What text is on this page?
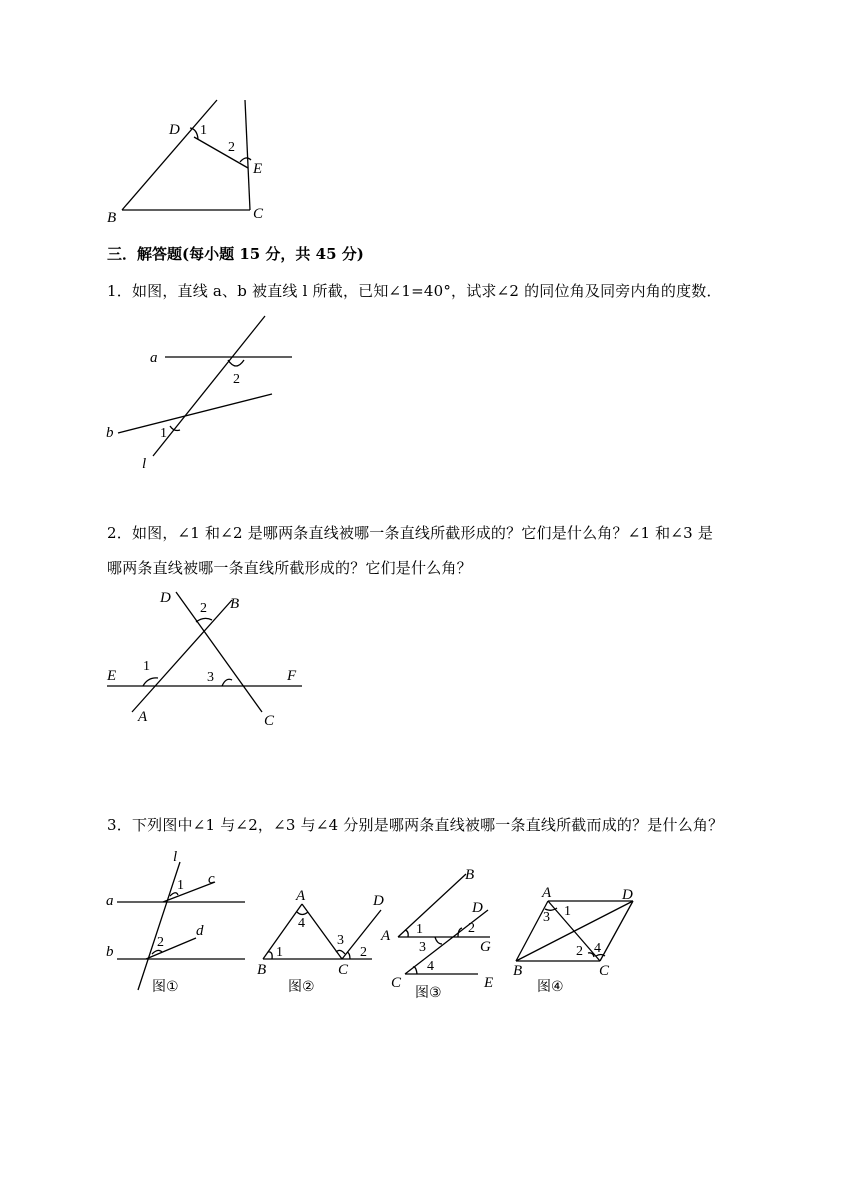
D 1
2
E
B	C
三．解答题(每小题 15 分，共 45 分)
1．如图，直线 a、b 被直线 l 所截，已知∠1=40°，试求∠2 的同位角及同旁内角的度数．
a
2
b	1
l
2．如图，∠1 和∠2 是哪两条直线被哪一条直线所截形成的？它们是什么角？∠1 和∠3 是
哪两条直线被哪一条直线所截形成的？它们是什么角？
D
2 B
E
1
3	F
A	C
3．下列图中∠1 与∠2，∠3 与∠4 分别是哪两条直线被哪一条直线所截而成的？是什么角？
l
1 c
a
2
d
b
图①
A
4
D
3
2
1
B	C
图②
B
D
1	2
A
3	G
4
C	E
图③
A	D
3 1
2 4
B	C
图④
